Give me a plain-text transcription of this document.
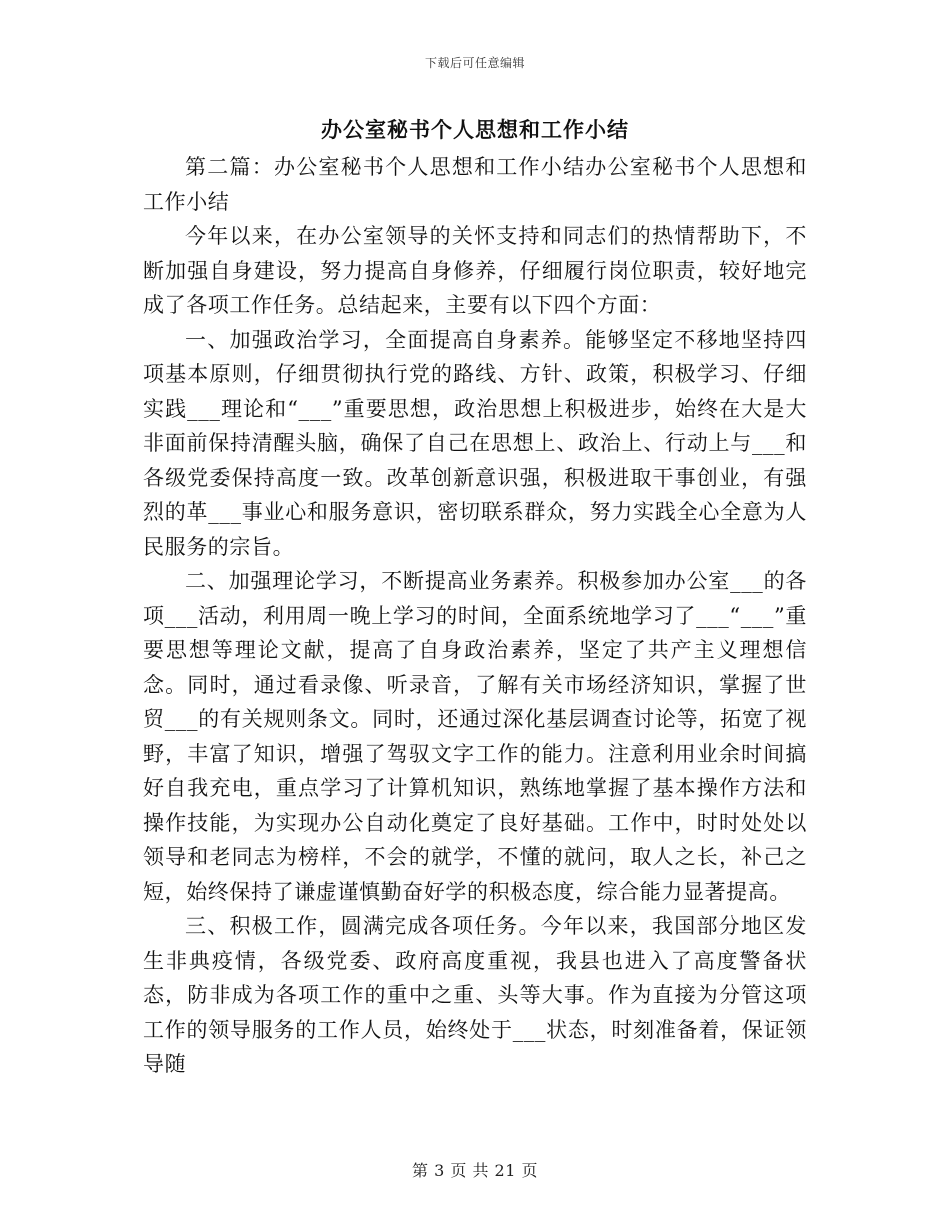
下载后可任意编辑
办公室秘书个人思想和工作小结

第二篇：办公室秘书个人思想和工作小结办公室秘书个人思想和工作小结

今年以来，在办公室领导的关怀支持和同志们的热情帮助下，不断加强自身建设，努力提高自身修养，仔细履行岗位职责，较好地完成了各项工作任务。总结起来，主要有以下四个方面：

一、加强政治学习，全面提高自身素养。能够坚定不移地坚持四项基本原则，仔细贯彻执行党的路线、方针、政策，积极学习、仔细实践___理论和“___”重要思想，政治思想上积极进步，始终在大是大非面前保持清醒头脑，确保了自己在思想上、政治上、行动上与___和各级党委保持高度一致。改革创新意识强，积极进取干事创业，有强烈的革___事业心和服务意识，密切联系群众，努力实践全心全意为人民服务的宗旨。

二、加强理论学习，不断提高业务素养。积极参加办公室___的各项___活动，利用周一晚上学习的时间，全面系统地学习了___“___”重要思想等理论文献，提高了自身政治素养，坚定了共产主义理想信念。同时，通过看录像、听录音，了解有关市场经济知识，掌握了世贸___的有关规则条文。同时，还通过深化基层调查讨论等，拓宽了视野，丰富了知识，增强了驾驭文字工作的能力。注意利用业余时间搞好自我充电，重点学习了计算机知识，熟练地掌握了基本操作方法和操作技能，为实现办公自动化奠定了良好基础。工作中，时时处处以领导和老同志为榜样，不会的就学，不懂的就问，取人之长，补己之短，始终保持了谦虚谨慎勤奋好学的积极态度，综合能力显著提高。

三、积极工作，圆满完成各项任务。今年以来，我国部分地区发生非典疫情，各级党委、政府高度重视，我县也进入了高度警备状态，防非成为各项工作的重中之重、头等大事。作为直接为分管这项工作的领导服务的工作人员，始终处于___状态，时刻准备着，保证领导随

第 3 页 共 21 页
